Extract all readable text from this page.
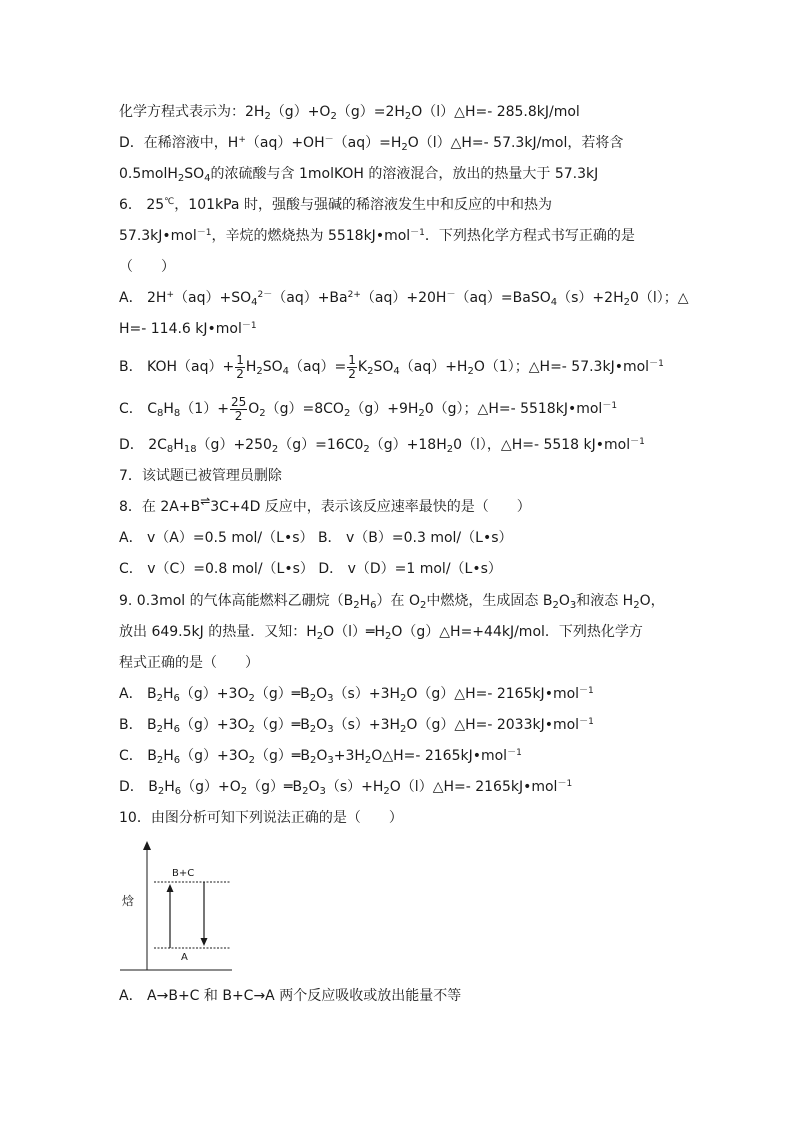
化学方程式表示为：$2H_2(g)+O_2(g)=2H_2O(l)\triangle H=-$ 285.8kJ/mol
D．在稀溶液中，$H^+(aq)+OH^-(aq)=H_2O(l)\triangle H=-$ 57.3kJ/mol，若将含
$0.5molH_2SO_4$的浓硫酸与含 1molKOH 的溶液混合，放出的热量大于 57.3kJ
6． 25℃，101kPa 时，强酸与强碱的稀溶液发生中和反应的中和热为
57.3kJ•mol$^{-1}$，辛烷的燃烧热为 5518kJ•mol$^{-1}$．下列热化学方程式书写正确的是
（　　）
A． $2H^+(aq)+SO_4^{2-}(aq)+Ba^{2+}(aq)+20H^-(aq)=BaSO_4(s)+2H_20(l)$；△
H=- 114.6 kJ•mol$^{-1}$
B． $KOH(aq)+ \frac{1}{2} H_2SO_4(aq)= \frac{1}{2} K_2SO_4(aq)+H_2O(1)$；△H=- 57.3kJ•mol$^{-1}$
C． $C_8H_8(1)+ \frac{25}{2} O_2(g)=8CO_2(g)+9H_20(g)$；△H=- 5518kJ•mol$^{-1}$
D． $2C_8H_{18}(g)+250_2(g)=16C0_2(g)+18H_20(l)$，△H=- 5518 kJ•mol$^{-1}$
7．该试题已被管理员删除
8．在 2A+B⇌3C+4D 反应中，表示该反应速率最快的是（　　）
A． v（A）=0.5 mol/（L•s） B． v（B）=0.3 mol/（L•s）
C． v（C）=0.8 mol/（L•s） D． v（D）=1 mol/（L•s）
9. 0.3mol 的气体高能燃料乙硼烷$(B_2H_6)$在 $O_2$中燃烧，生成固态 $B_2O_3$和液态 $H_2O$，
放出 649.5kJ 的热量．又知：$H_2O(l)═H_2O(g)\triangle H=+44kJ$/mol．下列热化学方
程式正确的是（　　）
A． $B_2H_6(g)+3O_2(g)═B_2O_3(s)+3H_2O(g)\triangle H=-$ 2165kJ•mol$^{-1}$
B． $B_2H_6(g)+3O_2(g)═B_2O_3(s)+3H_2O(g)\triangle H=-$ 2033kJ•mol$^{-1}$
C． $B_2H_6(g)+3O_2(g)═B_2O_3+3H_2O\triangle H=-$ 2165kJ•mol$^{-1}$
D． $B_2H_6(g)+O_2(g)═B_2O_3(s)+H_2O(l)\triangle H=-$ 2165kJ•mol$^{-1}$
10．由图分析可知下列说法正确的是（　　）
焓
B+C
A
A． A→B+C 和 B+C→A 两个反应吸收或放出能量不等
